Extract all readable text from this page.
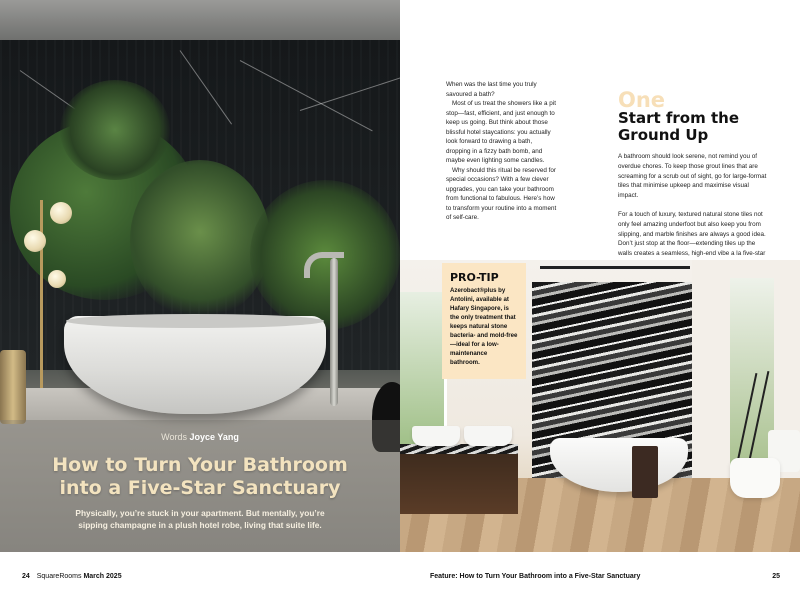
Words Joyce Yang
How to Turn Your Bathroom into a Five-Star Sanctuary
Physically, you’re stuck in your apartment. But mentally, you’re sipping champagne in a plush hotel robe, living that suite life.
24 SquareRooms March 2025

When was the last time you truly savoured a bath?

Most of us treat the showers like a pit stop—fast, efficient, and just enough to keep us going. But think about those blissful hotel staycations: you actually look forward to drawing a bath, dropping in a fizzy bath bomb, and maybe even lighting some candles.

Why should this ritual be reserved for special occasions? With a few clever upgrades, you can take your bathroom from functional to fabulous. Here’s how to transform your routine into a moment of self-care.

One
Start from the Ground Up

A bathroom should look serene, not remind you of overdue chores. To keep those grout lines that are screaming for a scrub out of sight, go for large-format tiles that minimise upkeep and maximise visual impact.

For a touch of luxury, textured natural stone tiles not only feel amazing underfoot but also keep you from slipping, and marble finishes are always a good idea. Don’t just stop at the floor—extending tiles up the walls creates a seamless, high-end vibe a la five-star

PRO-TIP
Azerobact®plus by Antolini, available at Hafary Singapore, is the only treatment that keeps natural stone bacteria- and mold-free—ideal for a low-maintenance bathroom.
Feature: How to Turn Your Bathroom into a Five-Star Sanctuary	25
